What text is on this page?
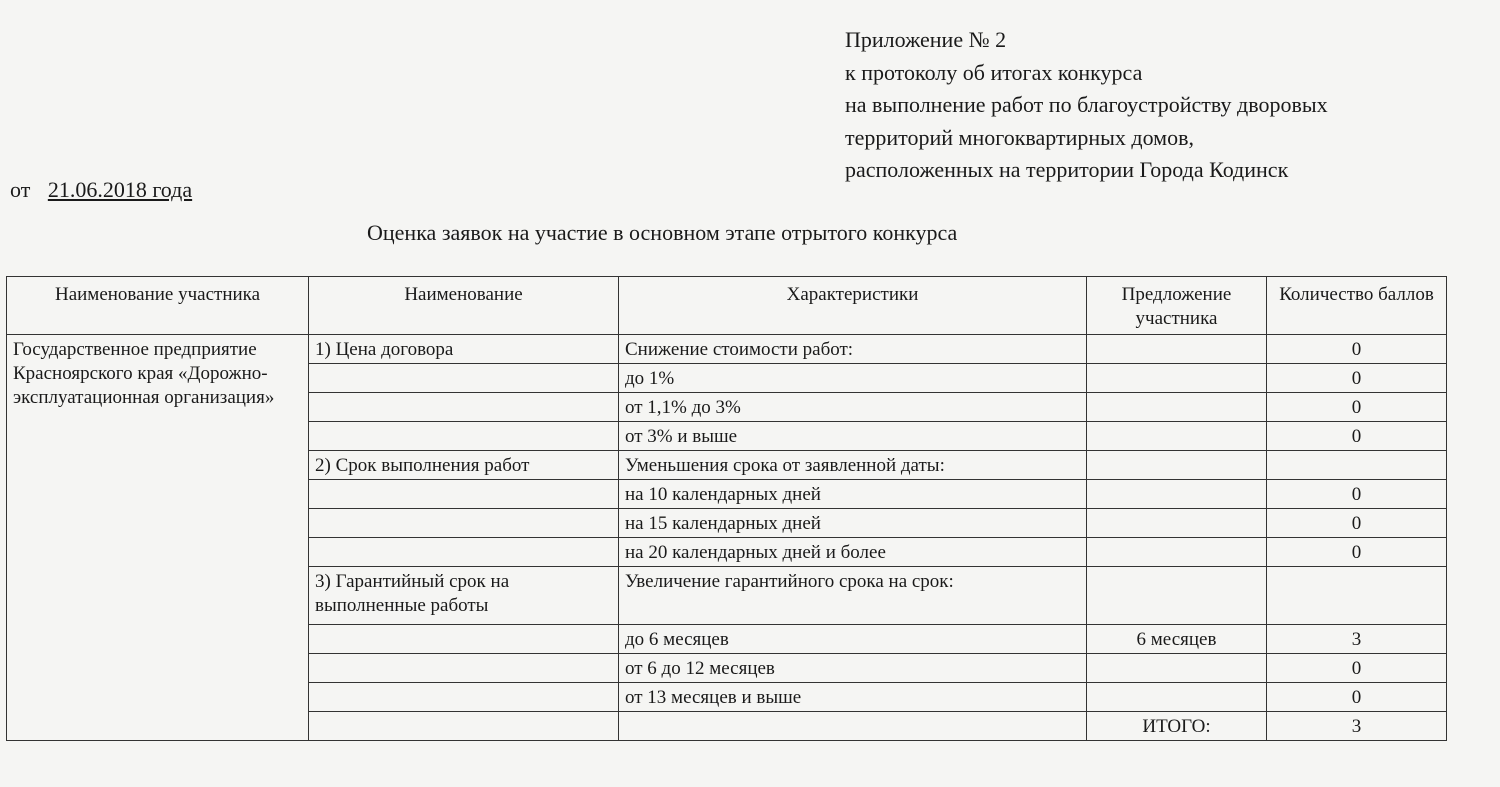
Приложение № 2
к протоколу об итогах конкурса
на выполнение работ по благоустройству дворовых
территорий многоквартирных домов,
расположенных на территории Города Кодинск
от 21.06.2018 года
Оценка заявок на участие в основном этапе отрытого конкурса
Наименование участника	Наименование	Характеристики	Предложение участника	Количество баллов
Государственное предприятие Красноярского края «Дорожно-эксплуатационная организация»	1) Цена договора	Снижение стоимости работ:		0
		до 1%		0
		от 1,1% до 3%		0
		от 3% и выше		0
	2) Срок выполнения работ	Уменьшения срока от заявленной даты:		
		на 10 календарных дней		0
		на 15 календарных дней		0
		на 20 календарных дней и более		0
	3) Гарантийный срок на выполненные работы	Увеличение гарантийного срока на срок:		
		до 6 месяцев	6 месяцев	3
		от 6 до 12 месяцев		0
		от 13 месяцев и выше		0
			ИТОГО:	3
